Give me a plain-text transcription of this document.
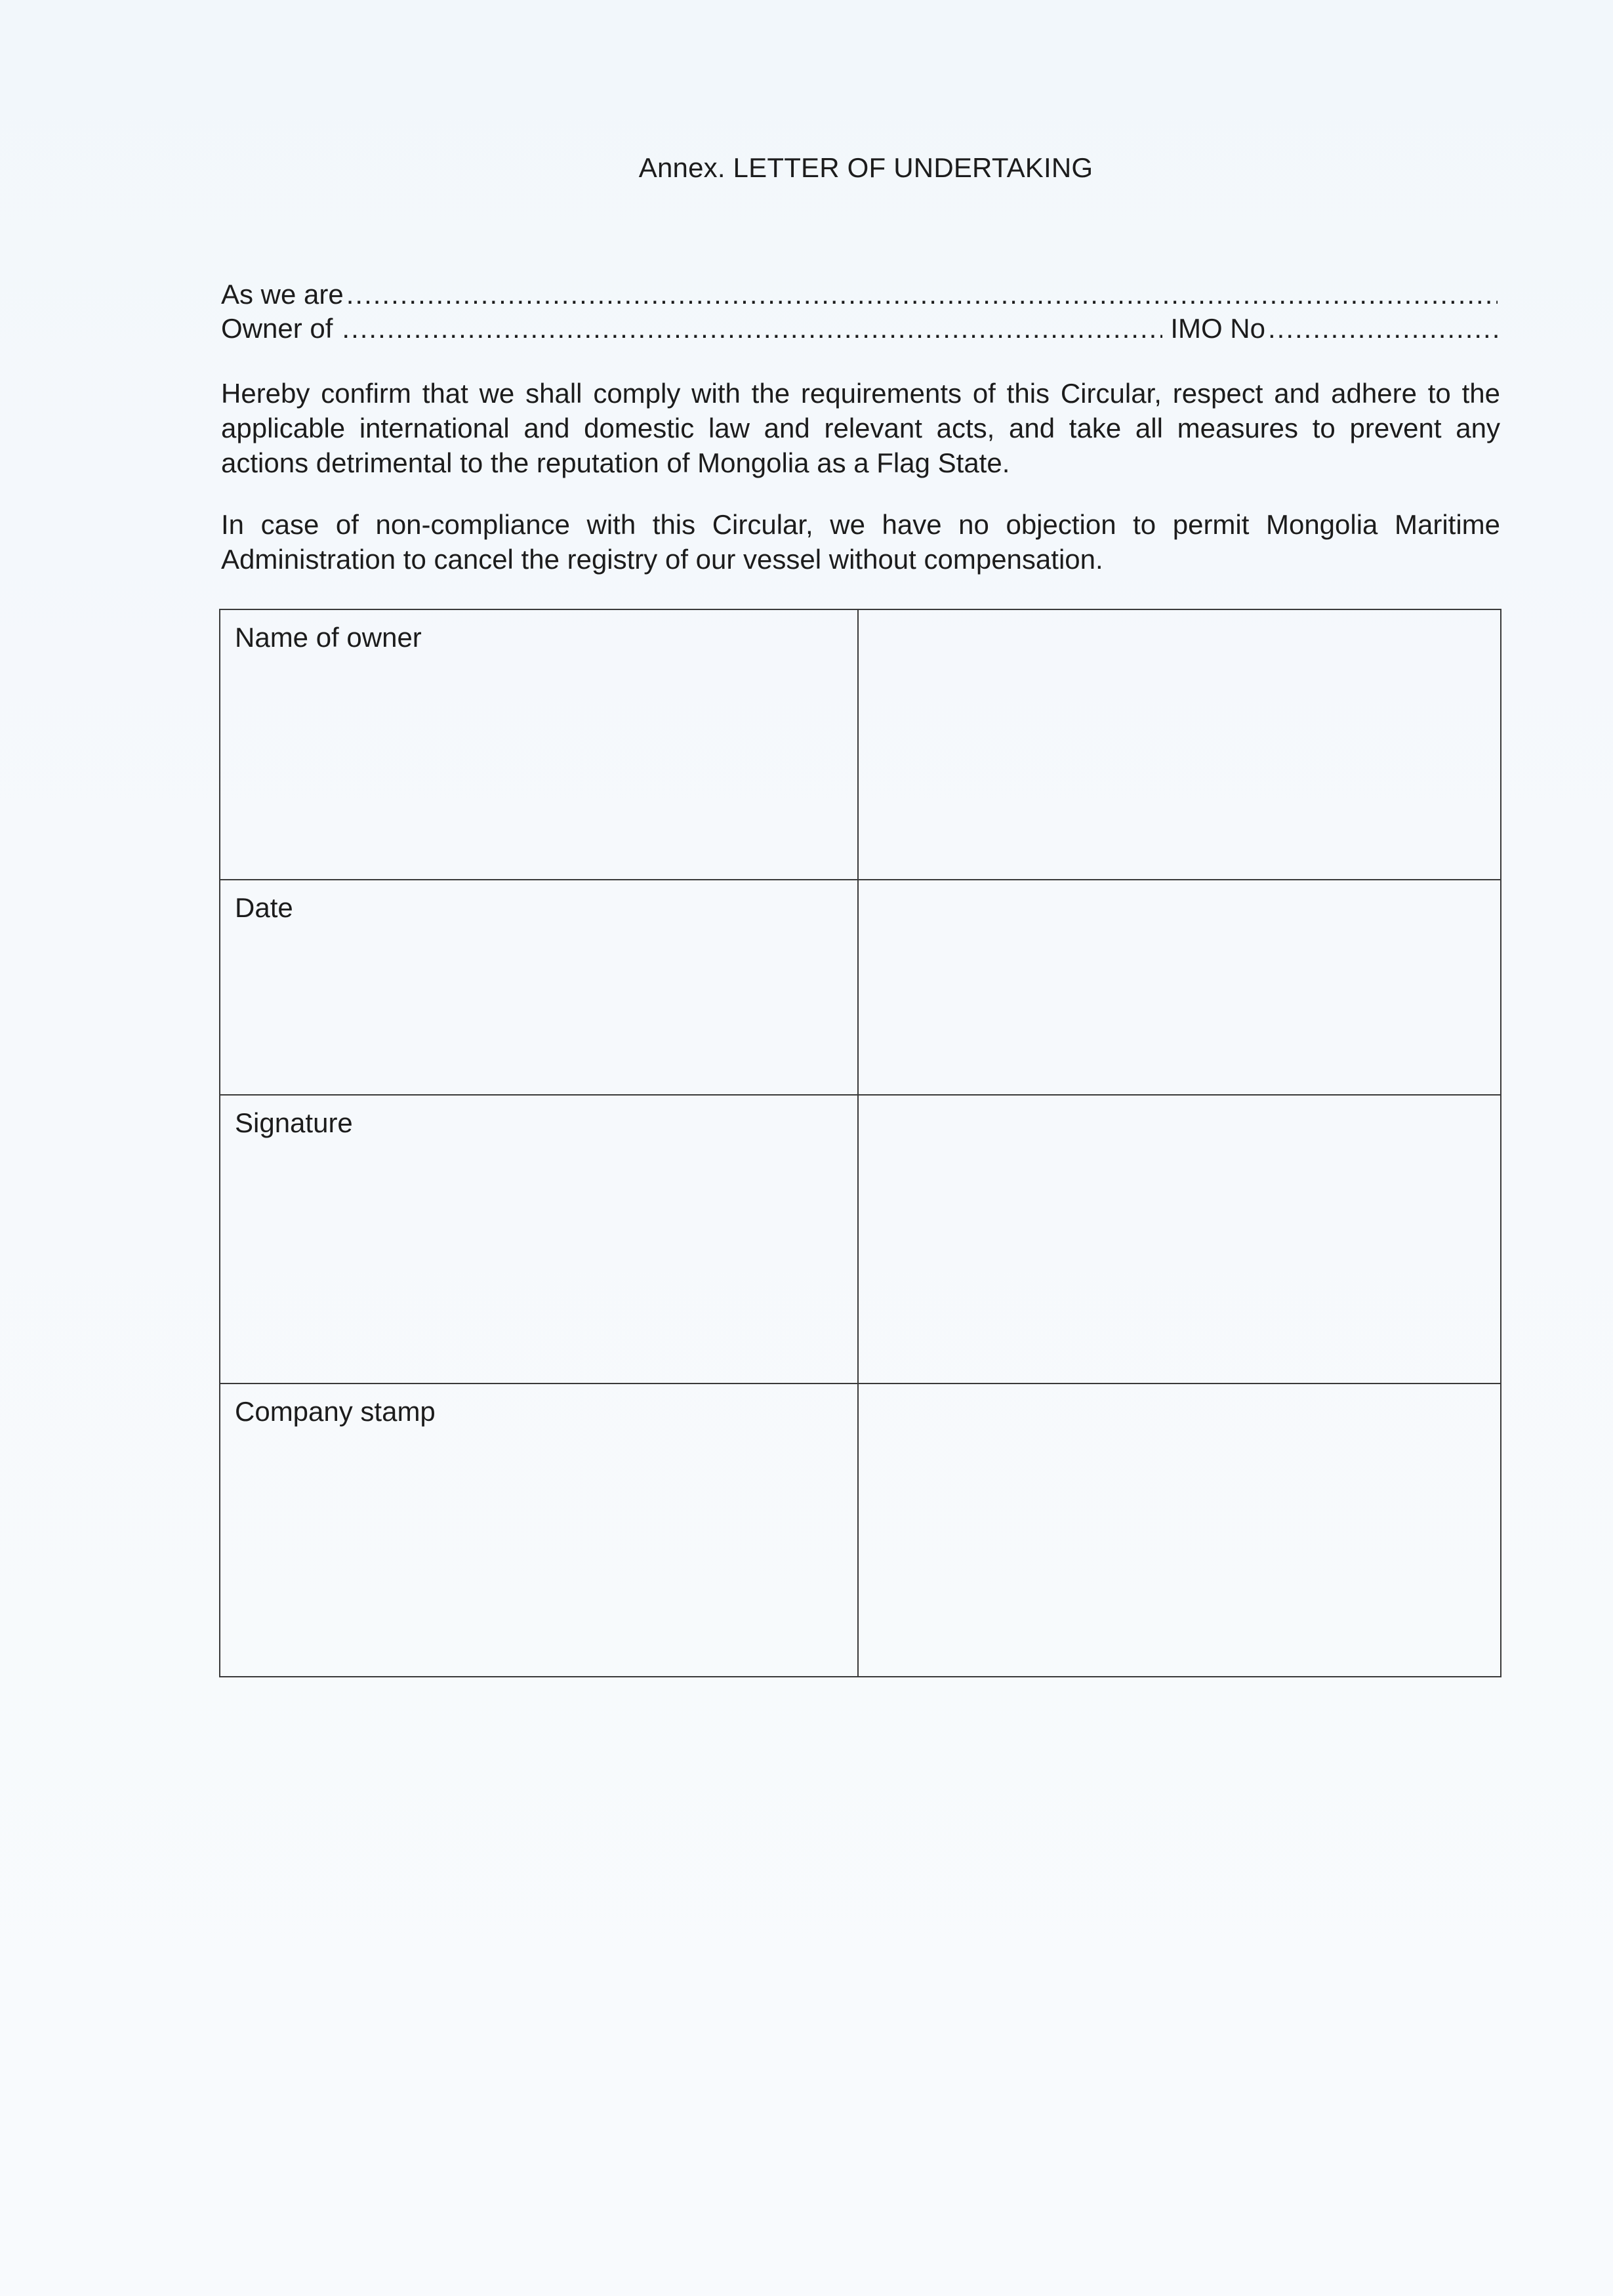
Annex. LETTER OF UNDERTAKING
As we are
.....
Owner of
.....	IMO No
.....
Hereby confirm that we shall comply with the requirements of this Circular, respect and adhere to the applicable international and domestic law and relevant acts, and take all measures to prevent any actions detrimental to the reputation of Mongolia as a Flag State.
In case of non-compliance with this Circular, we have no objection to permit Mongolia Maritime Administration to cancel the registry of our vessel without compensation.
Name of owner	
Date	
Signature	
Company stamp	
